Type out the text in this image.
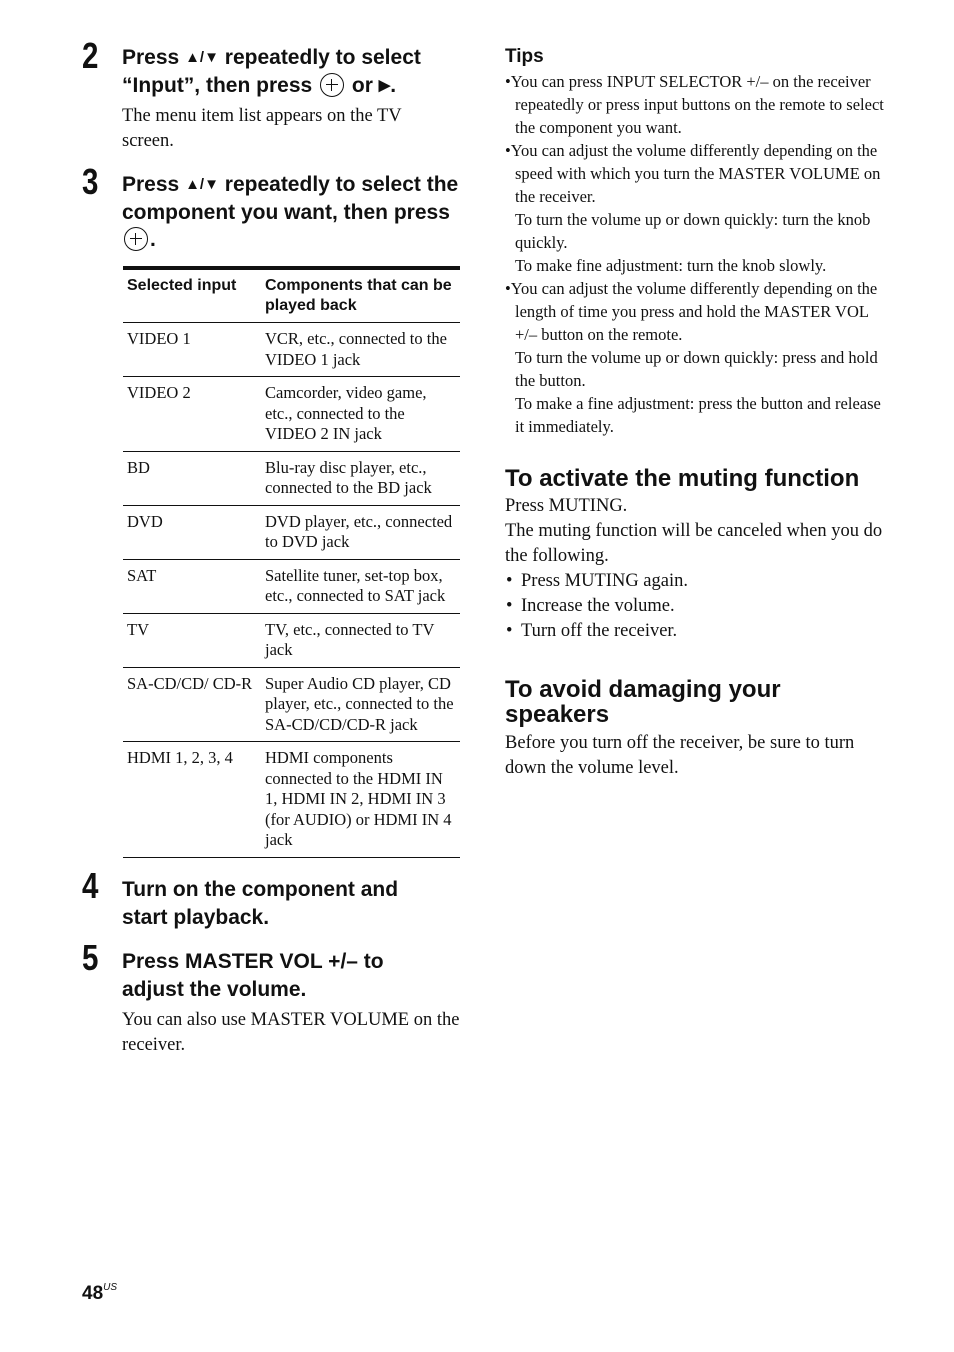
2 Press ▲/▼ repeatedly to select “Input”, then press or ▶.
The menu item list appears on the TV screen.
3 Press ▲/▼ repeatedly to select the component you want, then press .
Selected input	Components that can be played back
VIDEO 1	VCR, etc., connected to the VIDEO 1 jack
VIDEO 2	Camcorder, video game, etc., connected to the VIDEO 2 IN jack
BD	Blu-ray disc player, etc., connected to the BD jack
DVD	DVD player, etc., connected to DVD jack
SAT	Satellite tuner, set-top box, etc., connected to SAT jack
TV	TV, etc., connected to TV jack
SA-CD/CD/ CD-R	Super Audio CD player, CD player, etc., connected to the SA-CD/CD/CD-R jack
HDMI 1, 2, 3, 4	HDMI components connected to the HDMI IN 1, HDMI IN 2, HDMI IN 3 (for AUDIO) or HDMI IN 4 jack
4 Turn on the component and start playback.
5 Press MASTER VOL +/– to adjust the volume.
You can also use MASTER VOLUME on the receiver.
Tips
•You can press INPUT SELECTOR +/– on the receiver repeatedly or press input buttons on the remote to select the component you want.
•You can adjust the volume differently depending on the speed with which you turn the MASTER VOLUME on the receiver.
To turn the volume up or down quickly: turn the knob quickly.
To make fine adjustment: turn the knob slowly.
•You can adjust the volume differently depending on the length of time you press and hold the MASTER VOL +/– button on the remote.
To turn the volume up or down quickly: press and hold the button.
To make a fine adjustment: press the button and release it immediately.
To activate the muting function
Press MUTING.
The muting function will be canceled when you do the following.
• Press MUTING again.
• Increase the volume.
• Turn off the receiver.
To avoid damaging your speakers
Before you turn off the receiver, be sure to turn down the volume level.
$48^{US}$
